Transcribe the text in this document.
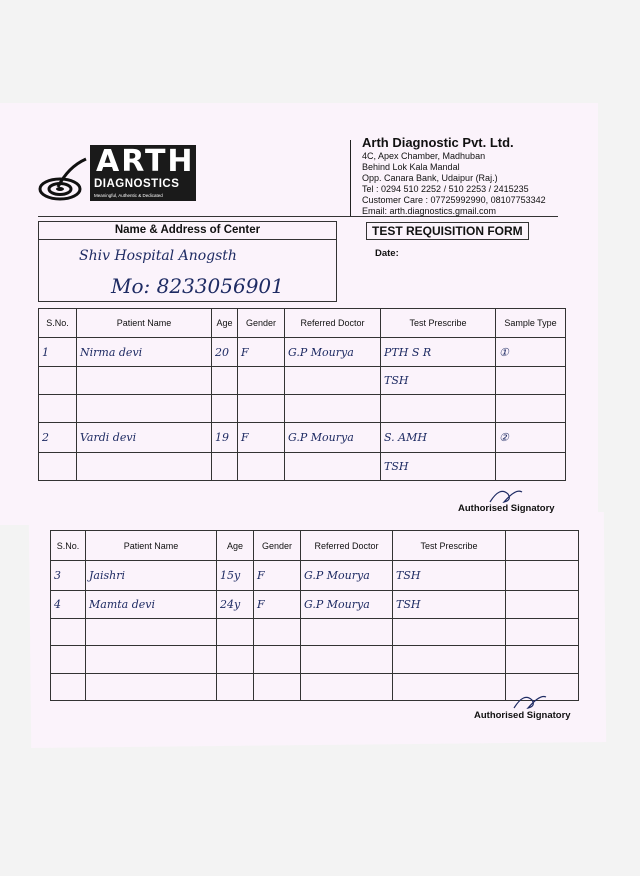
ARTH
DIAGNOSTICS
Meaningful, Authentic & Dedicated
Arth Diagnostic Pvt. Ltd.
4C, Apex Chamber, Madhuban
Behind Lok Kala Mandal
Opp. Canara Bank, Udaipur (Raj.)
Tel : 0294 510 2252 / 510 2253 / 2415235
Customer Care : 07725992990, 08107753342
Email: arth.diagnostics.gmail.com
Name & Address of Center
Shiv Hospital Anogsth
Mo: 8233056901
TEST REQUISITION FORM
Date:
S.No.	Patient Name	Age	Gender	Referred Doctor	Test Prescribe	Sample Type
1	Nirma devi	20	F	G.P Mourya	PTH S R	①
					TSH	

2	Vardi devi	19	F	G.P Mourya	S. AMH	②
					TSH	
Authorised Signatory
S.No.	Patient Name	Age	Gender	Referred Doctor	Test Prescribe	
3	Jaishri	15y	F	G.P Mourya	TSH	
4	Mamta devi	24y	F	G.P Mourya	TSH	

Authorised Signatory
